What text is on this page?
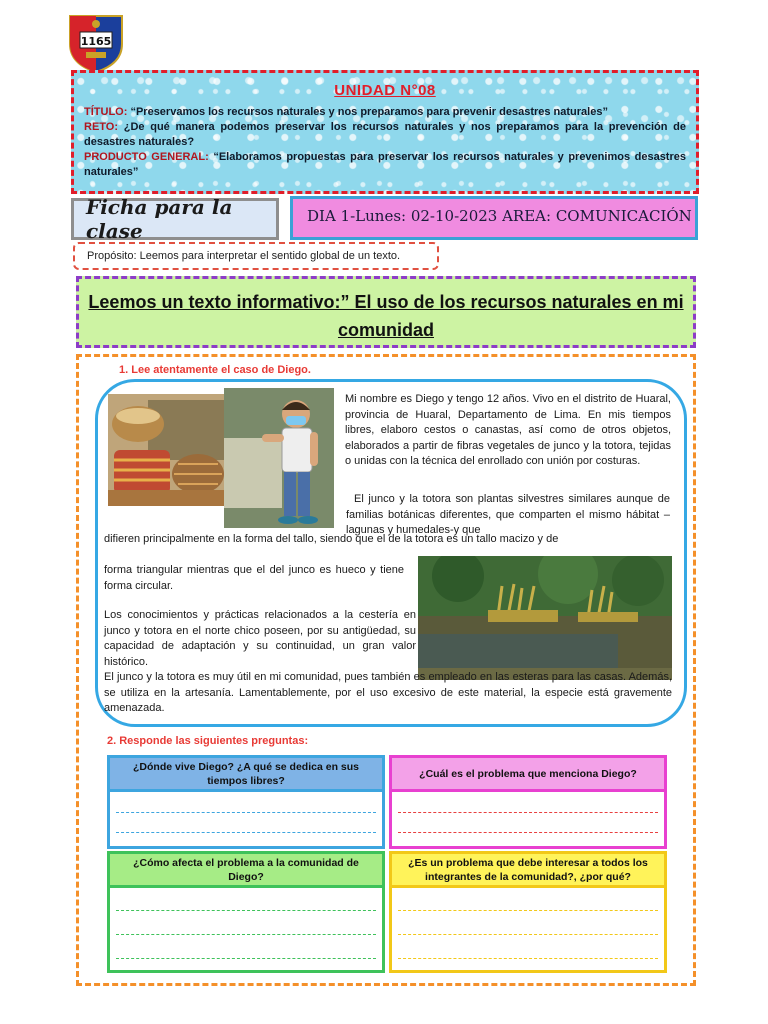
1165
UNIDAD N°08
TÍTULO: “Preservamos los recursos naturales y nos preparamos para prevenir desastres naturales”
RETO: ¿De qué manera podemos preservar los recursos naturales y nos preparamos para la prevención de desastres naturales?
PRODUCTO GENERAL: “Elaboramos propuestas para preservar los recursos naturales y prevenimos desastres naturales”
Ficha para la clase
DIA 1-Lunes: 02-10-2023 AREA: COMUNICACIÓN
Propósito: Leemos para interpretar el sentido global de un texto.
Leemos un texto informativo:” El uso de los recursos naturales en mi comunidad
1. Lee atentamente el caso de Diego.

Mi nombre es Diego y tengo 12 años. Vivo en el distrito de Huaral, provincia de Huaral, Departamento de Lima. En mis tiempos libres, elaboro cestos o canastas, así como de otros objetos, elaborados a partir de fibras vegetales de junco y la totora, tejidas o unidas con la técnica del enrollado con unión por costuras.

El junco y la totora son plantas silvestres similares aunque de familias botánicas diferentes, que comparten el mismo hábitat –lagunas y humedales-y que

difieren principalmente en la forma del tallo, siendo que el de la totora es un tallo macizo y de

forma triangular mientras que el del junco es hueco y tiene forma circular.

Los conocimientos y prácticas relacionados a la cestería en junco y totora en el norte chico poseen, por su antigüedad, su capacidad de adaptación y su continuidad, un gran valor histórico.

El junco y la totora es muy útil en mi comunidad, pues también es empleado en las esteras para las casas. Además, se utiliza en la artesanía. Lamentablemente, por el uso excesivo de este material, la especie está gravemente amenazada.

2. Responde las siguientes preguntas:
¿Dónde vive Diego? ¿A qué se dedica en sus tiempos libres?
¿Cuál es el problema que menciona Diego?
¿Cómo afecta el problema a la comunidad de Diego?
¿Es un problema que debe interesar a todos los integrantes de la comunidad?, ¿por qué?
